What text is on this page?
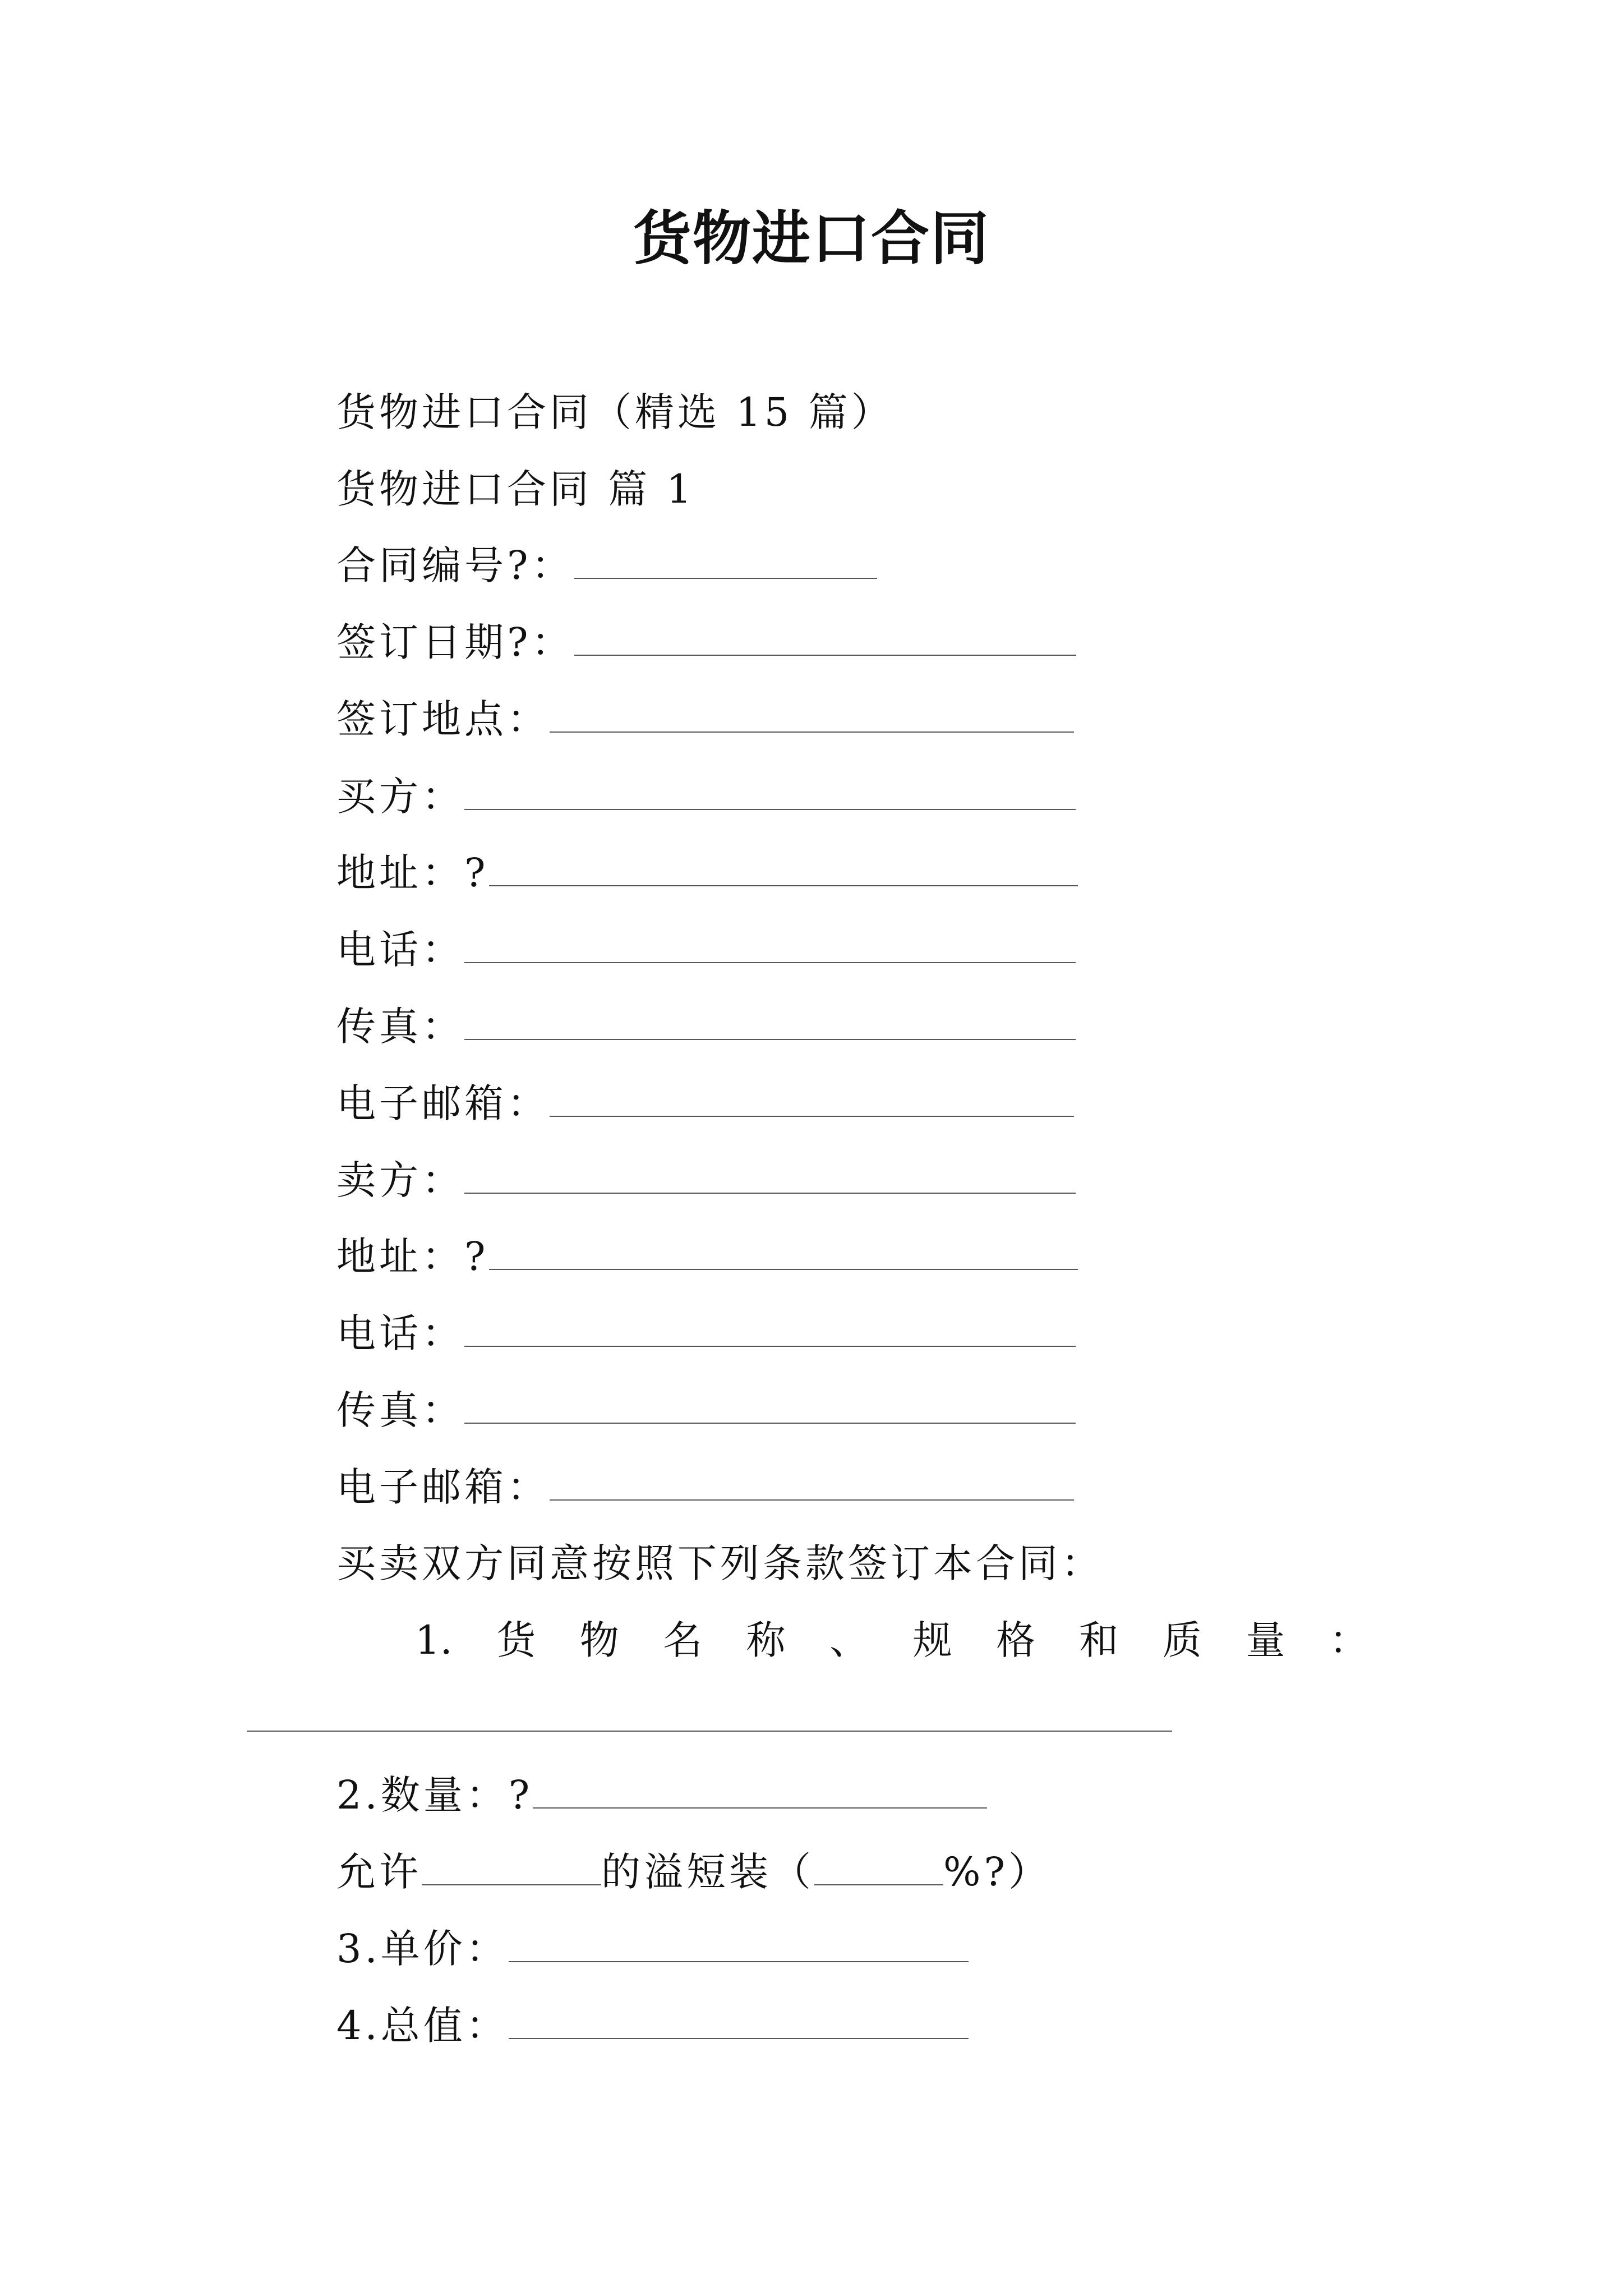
货物进口合同
货物进口合同（精选 15 篇）
货物进口合同 篇 1
合同编号?：
签订日期?：
签订地点：
买方：
地址：?
电话：
传真：
电子邮箱：
卖方：
地址：?
电话：
传真：
电子邮箱：
买卖双方同意按照下列条款签订本合同：
1. 货 物 名 称 、 规 格 和 质 量 ：
2.数量：?
允许	的溢短装（	%?）
3.单价：
4.总值：
